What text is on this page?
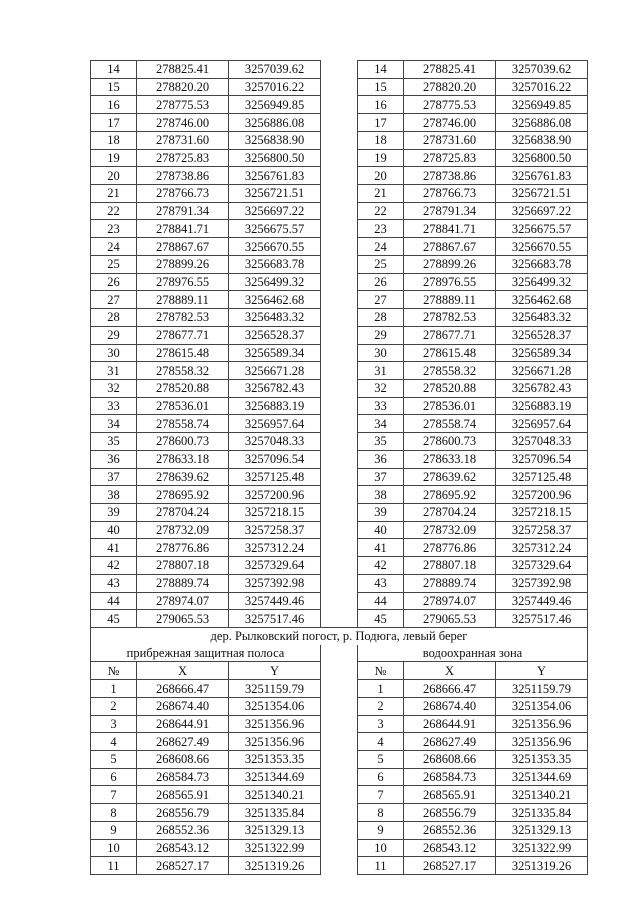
14	278825.41	3257039.62		14	278825.41	3257039.62
15	278820.20	3257016.22		15	278820.20	3257016.22
16	278775.53	3256949.85		16	278775.53	3256949.85
17	278746.00	3256886.08		17	278746.00	3256886.08
18	278731.60	3256838.90		18	278731.60	3256838.90
19	278725.83	3256800.50		19	278725.83	3256800.50
20	278738.86	3256761.83		20	278738.86	3256761.83
21	278766.73	3256721.51		21	278766.73	3256721.51
22	278791.34	3256697.22		22	278791.34	3256697.22
23	278841.71	3256675.57		23	278841.71	3256675.57
24	278867.67	3256670.55		24	278867.67	3256670.55
25	278899.26	3256683.78		25	278899.26	3256683.78
26	278976.55	3256499.32		26	278976.55	3256499.32
27	278889.11	3256462.68		27	278889.11	3256462.68
28	278782.53	3256483.32		28	278782.53	3256483.32
29	278677.71	3256528.37		29	278677.71	3256528.37
30	278615.48	3256589.34		30	278615.48	3256589.34
31	278558.32	3256671.28		31	278558.32	3256671.28
32	278520.88	3256782.43		32	278520.88	3256782.43
33	278536.01	3256883.19		33	278536.01	3256883.19
34	278558.74	3256957.64		34	278558.74	3256957.64
35	278600.73	3257048.33		35	278600.73	3257048.33
36	278633.18	3257096.54		36	278633.18	3257096.54
37	278639.62	3257125.48		37	278639.62	3257125.48
38	278695.92	3257200.96		38	278695.92	3257200.96
39	278704.24	3257218.15		39	278704.24	3257218.15
40	278732.09	3257258.37		40	278732.09	3257258.37
41	278776.86	3257312.24		41	278776.86	3257312.24
42	278807.18	3257329.64		42	278807.18	3257329.64
43	278889.74	3257392.98		43	278889.74	3257392.98
44	278974.07	3257449.46		44	278974.07	3257449.46
45	279065.53	3257517.46		45	279065.53	3257517.46
дер. Рылковский погост, р. Подюга, левый берег						
прибрежная защитная полоса				водоохранная зона		
№	X	Y		№	X	Y
1	268666.47	3251159.79		1	268666.47	3251159.79
2	268674.40	3251354.06		2	268674.40	3251354.06
3	268644.91	3251356.96		3	268644.91	3251356.96
4	268627.49	3251356.96		4	268627.49	3251356.96
5	268608.66	3251353.35		5	268608.66	3251353.35
6	268584.73	3251344.69		6	268584.73	3251344.69
7	268565.91	3251340.21		7	268565.91	3251340.21
8	268556.79	3251335.84		8	268556.79	3251335.84
9	268552.36	3251329.13		9	268552.36	3251329.13
10	268543.12	3251322.99		10	268543.12	3251322.99
11	268527.17	3251319.26		11	268527.17	3251319.26
